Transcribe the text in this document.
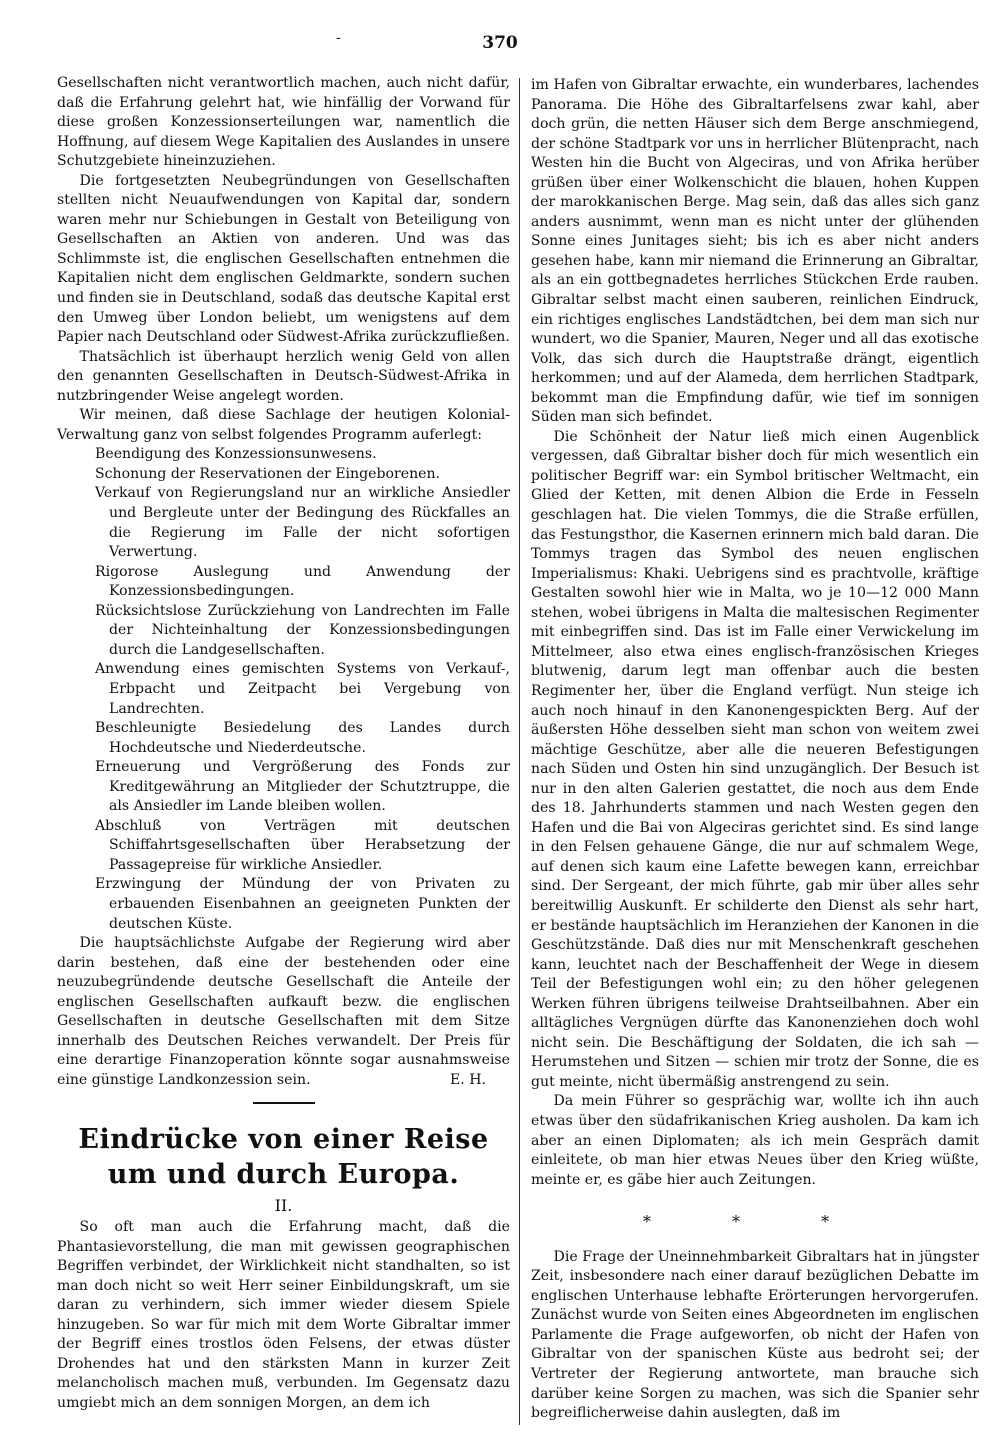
370
-

Gesellschaften nicht verantwortlich machen, auch nicht dafür, daß die Erfahrung gelehrt hat, wie hinfällig der Vorwand für diese großen Konzessionserteilungen war, namentlich die Hoffnung, auf diesem Wege Kapitalien des Auslandes in unsere Schutzgebiete hineinzuziehen.

Die fortgesetzten Neubegründungen von Gesellschaften stellten nicht Neuaufwendungen von Kapital dar, sondern waren mehr nur Schiebungen in Gestalt von Beteiligung von Gesellschaften an Aktien von anderen. Und was das Schlimmste ist, die englischen Gesellschaften entnehmen die Kapitalien nicht dem englischen Geldmarkte, sondern suchen und finden sie in Deutschland, sodaß das deutsche Kapital erst den Umweg über London beliebt, um wenigstens auf dem Papier nach Deutschland oder Südwest-Afrika zurückzufließen.

Thatsächlich ist überhaupt herzlich wenig Geld von allen den genannten Gesellschaften in Deutsch-Südwest-Afrika in nutzbringender Weise angelegt worden.

Wir meinen, daß diese Sachlage der heutigen Kolonial-Verwaltung ganz von selbst folgendes Programm auferlegt:

Beendigung des Konzessionsunwesens.
Schonung der Reservationen der Eingeborenen.
Verkauf von Regierungsland nur an wirkliche Ansiedler und Bergleute unter der Bedingung des Rückfalles an die Regierung im Falle der nicht sofortigen Verwertung.
Rigorose Auslegung und Anwendung der Konzessionsbedingungen.
Rücksichtslose Zurückziehung von Landrechten im Falle der Nichteinhaltung der Konzessionsbedingungen durch die Landgesellschaften.
Anwendung eines gemischten Systems von Verkauf-, Erbpacht und Zeitpacht bei Vergebung von Landrechten.
Beschleunigte Besiedelung des Landes durch Hochdeutsche und Niederdeutsche.
Erneuerung und Vergrößerung des Fonds zur Kreditgewährung an Mitglieder der Schutztruppe, die als Ansiedler im Lande bleiben wollen.
Abschluß von Verträgen mit deutschen Schiffahrtsgesellschaften über Herabsetzung der Passagepreise für wirkliche Ansiedler.
Erzwingung der Mündung der von Privaten zu erbauenden Eisenbahnen an geeigneten Punkten der deutschen Küste.

Die hauptsächlichste Aufgabe der Regierung wird aber darin bestehen, daß eine der bestehenden oder eine neuzubegründende deutsche Gesellschaft die Anteile der englischen Gesellschaften aufkauft bezw. die englischen Gesellschaften in deutsche Gesellschaften mit dem Sitze innerhalb des Deutschen Reiches verwandelt. Der Preis für eine derartige Finanzoperation könnte sogar ausnahmsweise eine günstige Landkonzession sein.	E. H.

Eindrücke von einer Reise um und durch Europa.
II.

So oft man auch die Erfahrung macht, daß die Phantasievorstellung, die man mit gewissen geographischen Begriffen verbindet, der Wirklichkeit nicht standhalten, so ist man doch nicht so weit Herr seiner Einbildungskraft, um sie daran zu verhindern, sich immer wieder diesem Spiele hinzugeben. So war für mich mit dem Worte Gibraltar immer der Begriff eines trostlos öden Felsens, der etwas düster Drohendes hat und den stärksten Mann in kurzer Zeit melancholisch machen muß, verbunden. Im Gegensatz dazu umgiebt mich an dem sonnigen Morgen, an dem ich

im Hafen von Gibraltar erwachte, ein wunderbares, lachendes Panorama. Die Höhe des Gibraltarfelsens zwar kahl, aber doch grün, die netten Häuser sich dem Berge anschmiegend, der schöne Stadtpark vor uns in herrlicher Blütenpracht, nach Westen hin die Bucht von Algeciras, und von Afrika herüber grüßen über einer Wolkenschicht die blauen, hohen Kuppen der marokkanischen Berge. Mag sein, daß das alles sich ganz anders ausnimmt, wenn man es nicht unter der glühenden Sonne eines Junitages sieht; bis ich es aber nicht anders gesehen habe, kann mir niemand die Erinnerung an Gibraltar, als an ein gottbegnadetes herrliches Stückchen Erde rauben. Gibraltar selbst macht einen sauberen, reinlichen Eindruck, ein richtiges englisches Landstädtchen, bei dem man sich nur wundert, wo die Spanier, Mauren, Neger und all das exotische Volk, das sich durch die Hauptstraße drängt, eigentlich herkommen; und auf der Alameda, dem herrlichen Stadtpark, bekommt man die Empfindung dafür, wie tief im sonnigen Süden man sich befindet.

Die Schönheit der Natur ließ mich einen Augenblick vergessen, daß Gibraltar bisher doch für mich wesentlich ein politischer Begriff war: ein Symbol britischer Weltmacht, ein Glied der Ketten, mit denen Albion die Erde in Fesseln geschlagen hat. Die vielen Tommys, die die Straße erfüllen, das Festungsthor, die Kasernen erinnern mich bald daran. Die Tommys tragen das Symbol des neuen englischen Imperialismus: Khaki. Uebrigens sind es prachtvolle, kräftige Gestalten sowohl hier wie in Malta, wo je 10—12 000 Mann stehen, wobei übrigens in Malta die maltesischen Regimenter mit einbegriffen sind. Das ist im Falle einer Verwickelung im Mittelmeer, also etwa eines englisch-französischen Krieges blutwenig, darum legt man offenbar auch die besten Regimenter her, über die England verfügt. Nun steige ich auch noch hinauf in den Kanonengespickten Berg. Auf der äußersten Höhe desselben sieht man schon von weitem zwei mächtige Geschütze, aber alle die neueren Befestigungen nach Süden und Osten hin sind unzugänglich. Der Besuch ist nur in den alten Galerien gestattet, die noch aus dem Ende des 18. Jahrhunderts stammen und nach Westen gegen den Hafen und die Bai von Algeciras gerichtet sind. Es sind lange in den Felsen gehauene Gänge, die nur auf schmalem Wege, auf denen sich kaum eine Lafette bewegen kann, erreichbar sind. Der Sergeant, der mich führte, gab mir über alles sehr bereitwillig Auskunft. Er schilderte den Dienst als sehr hart, er bestände hauptsächlich im Heranziehen der Kanonen in die Geschützstände. Daß dies nur mit Menschenkraft geschehen kann, leuchtet nach der Beschaffenheit der Wege in diesem Teil der Befestigungen wohl ein; zu den höher gelegenen Werken führen übrigens teilweise Drahtseilbahnen. Aber ein alltägliches Vergnügen dürfte das Kanonenziehen doch wohl nicht sein. Die Beschäftigung der Soldaten, die ich sah — Herumstehen und Sitzen — schien mir trotz der Sonne, die es gut meinte, nicht übermäßig anstrengend zu sein.

Da mein Führer so gesprächig war, wollte ich ihn auch etwas über den südafrikanischen Krieg ausholen. Da kam ich aber an einen Diplomaten; als ich mein Gespräch damit einleitete, ob man hier etwas Neues über den Krieg wüßte, meinte er, es gäbe hier auch Zeitungen.

* * *

Die Frage der Uneinnehmbarkeit Gibraltars hat in jüngster Zeit, insbesondere nach einer darauf bezüglichen Debatte im englischen Unterhause lebhafte Erörterungen hervorgerufen. Zunächst wurde von Seiten eines Abgeordneten im englischen Parlamente die Frage aufgeworfen, ob nicht der Hafen von Gibraltar von der spanischen Küste aus bedroht sei; der Vertreter der Regierung antwortete, man brauche sich darüber keine Sorgen zu machen, was sich die Spanier sehr begreiflicherweise dahin auslegten, daß im
